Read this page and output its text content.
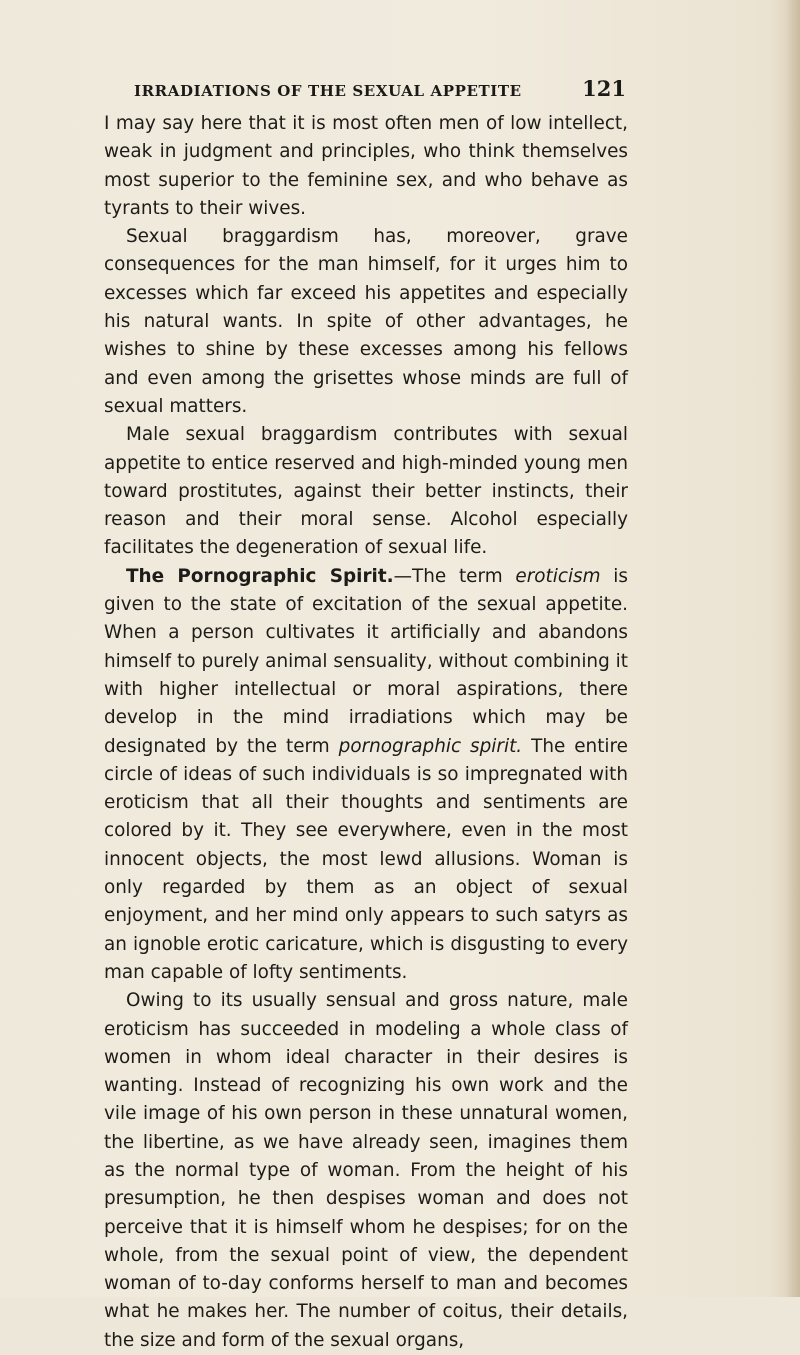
IRRADIATIONS OF THE SEXUAL APPETITE	121

I may say here that it is most often men of low intellect, weak in judgment and principles, who think themselves most superior to the feminine sex, and who behave as tyrants to their wives.

Sexual braggardism has, moreover, grave consequences for the man himself, for it urges him to excesses which far exceed his appetites and especially his natural wants. In spite of other advantages, he wishes to shine by these excesses among his fellows and even among the grisettes whose minds are full of sexual matters.

Male sexual braggardism contributes with sexual appetite to entice reserved and high-minded young men toward prostitutes, against their better instincts, their reason and their moral sense. Alcohol especially facilitates the degeneration of sexual life.

The Pornographic Spirit.—The term eroticism is given to the state of excitation of the sexual appetite. When a person cultivates it artificially and abandons himself to purely animal sensuality, without combining it with higher intellectual or moral aspirations, there develop in the mind irradiations which may be designated by the term pornographic spirit. The entire circle of ideas of such individuals is so impregnated with eroticism that all their thoughts and sentiments are colored by it. They see everywhere, even in the most innocent objects, the most lewd allusions. Woman is only regarded by them as an object of sexual enjoyment, and her mind only appears to such satyrs as an ignoble erotic caricature, which is disgusting to every man capable of lofty sentiments.

Owing to its usually sensual and gross nature, male eroticism has succeeded in modeling a whole class of women in whom ideal character in their desires is wanting. Instead of recognizing his own work and the vile image of his own person in these unnatural women, the libertine, as we have already seen, imagines them as the normal type of woman. From the height of his presumption, he then despises woman and does not perceive that it is himself whom he despises; for on the whole, from the sexual point of view, the dependent woman of to-day conforms herself to man and becomes what he makes her. The number of coitus, their details, the size and form of the sexual organs,
